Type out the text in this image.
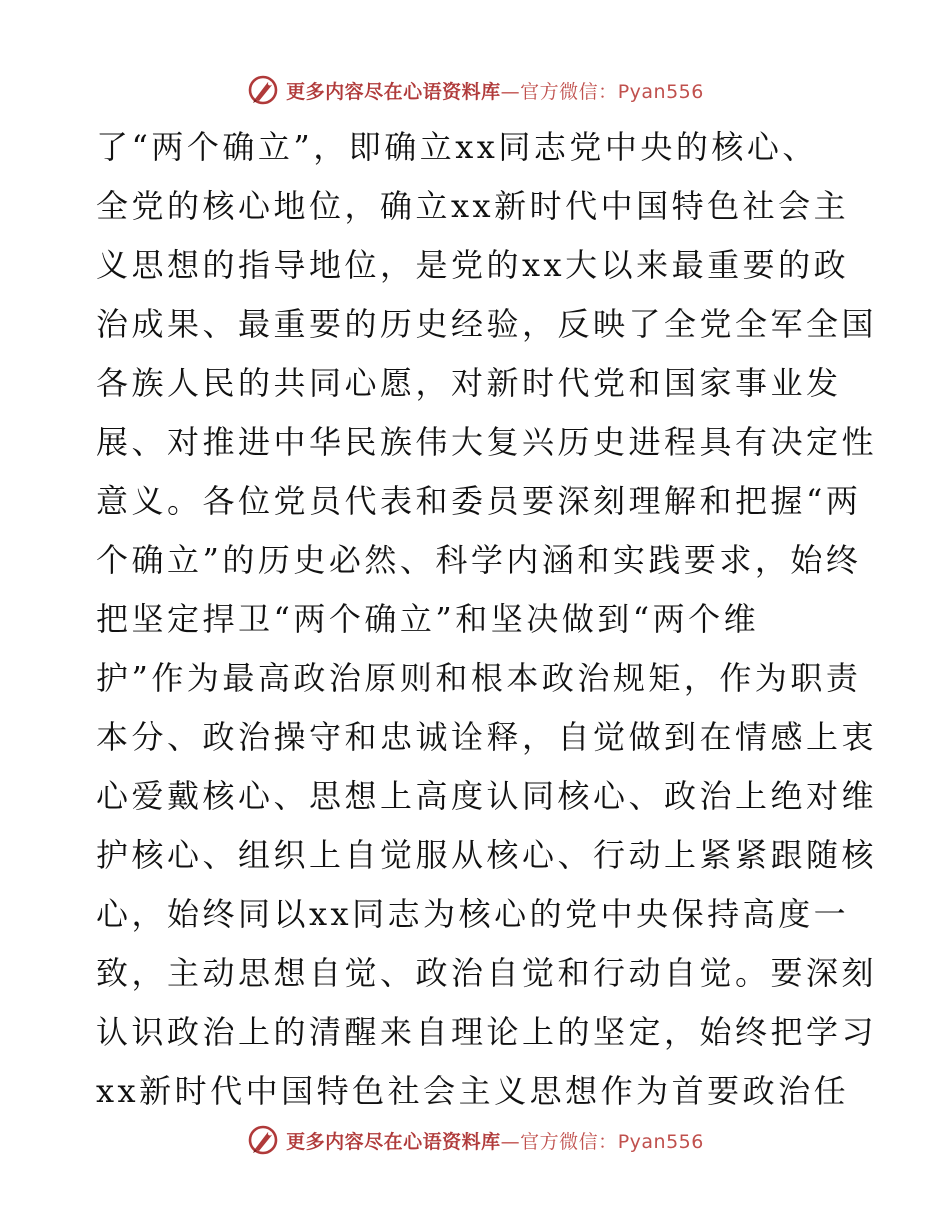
更多内容尽在心语资料库—官方微信：Pyan556
了“两个确立”，即确立xx同志党中央的核心、
全党的核心地位，确立xx新时代中国特色社会主
义思想的指导地位，是党的xx大以来最重要的政
治成果、最重要的历史经验，反映了全党全军全国
各族人民的共同心愿，对新时代党和国家事业发
展、对推进中华民族伟大复兴历史进程具有决定性
意义。各位党员代表和委员要深刻理解和把握“两
个确立”的历史必然、科学内涵和实践要求，始终
把坚定捍卫“两个确立”和坚决做到“两个维
护”作为最高政治原则和根本政治规矩，作为职责
本分、政治操守和忠诚诠释，自觉做到在情感上衷
心爱戴核心、思想上高度认同核心、政治上绝对维
护核心、组织上自觉服从核心、行动上紧紧跟随核
心，始终同以xx同志为核心的党中央保持高度一
致，主动思想自觉、政治自觉和行动自觉。要深刻
认识政治上的清醒来自理论上的坚定，始终把学习
xx新时代中国特色社会主义思想作为首要政治任
更多内容尽在心语资料库—官方微信：Pyan556
